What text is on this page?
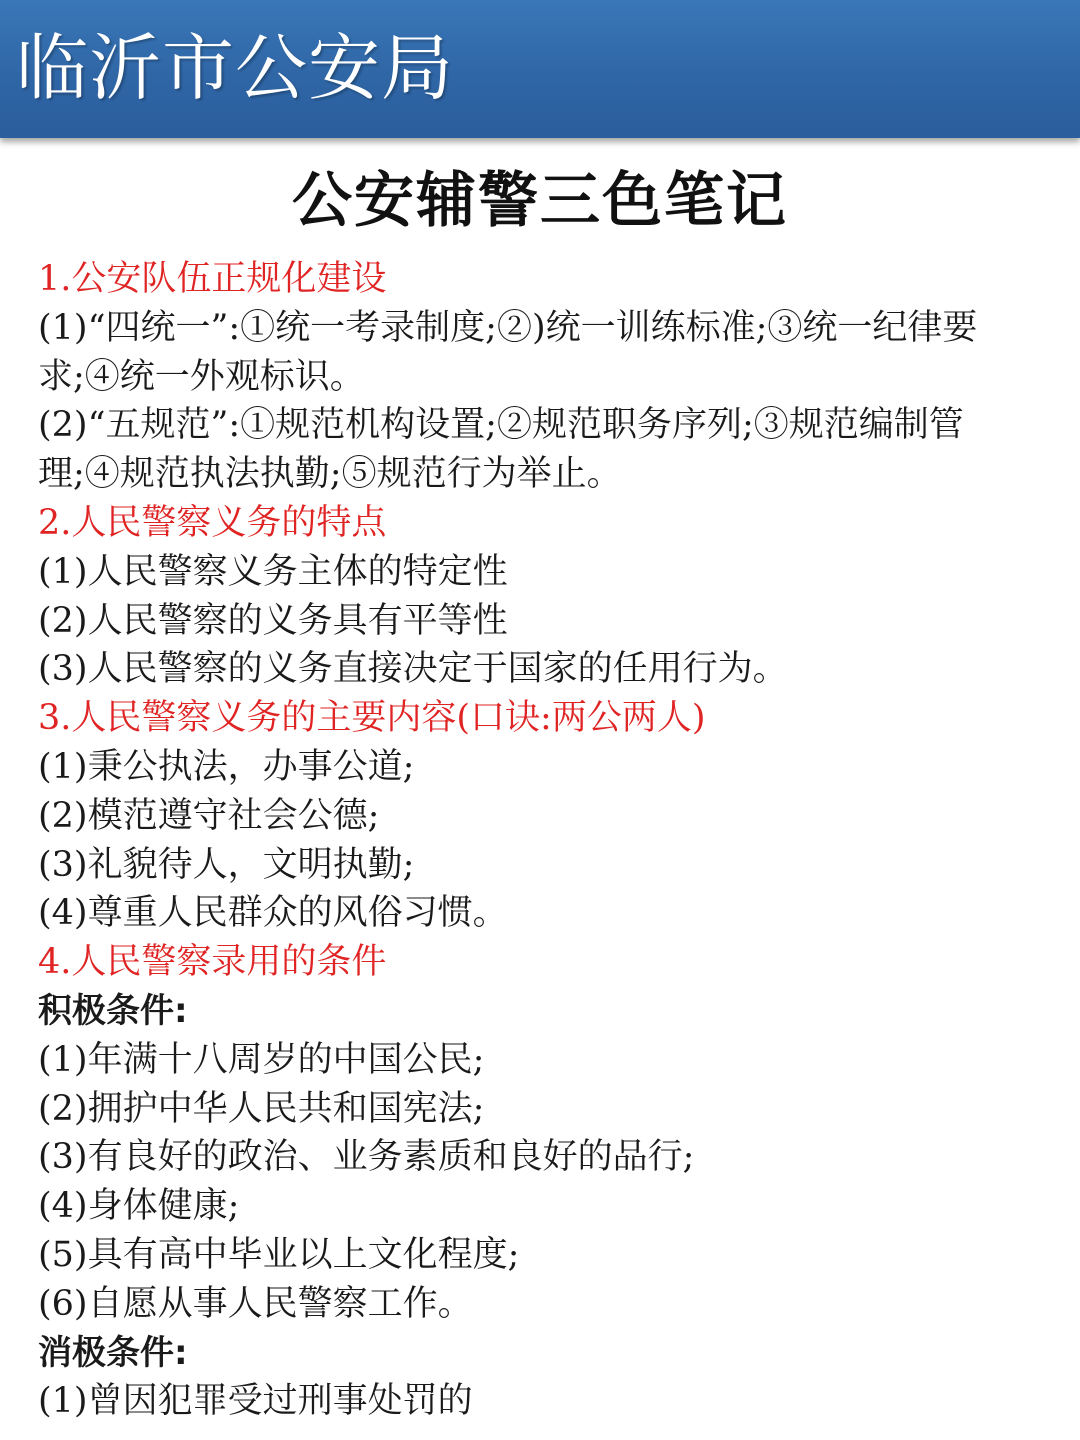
临沂市公安局
公安辅警三色笔记
1.公安队伍正规化建设
(1)“四统一”:①统一考录制度;②)统一训练标准;③统一纪律要
求;④统一外观标识。
(2)“五规范”:①规范机构设置;②规范职务序列;③规范编制管
理;④规范执法执勤;⑤规范行为举止。
2.人民警察义务的特点
(1)人民警察义务主体的特定性
(2)人民警察的义务具有平等性
(3)人民警察的义务直接决定于国家的任用行为。
3.人民警察义务的主要内容(口诀:两公两人)
(1)秉公执法，办事公道;
(2)模范遵守社会公德;
(3)礼貌待人，文明执勤;
(4)尊重人民群众的风俗习惯。
4.人民警察录用的条件
积极条件:
(1)年满十八周岁的中国公民;
(2)拥护中华人民共和国宪法;
(3)有良好的政治、业务素质和良好的品行;
(4)身体健康;
(5)具有高中毕业以上文化程度;
(6)自愿从事人民警察工作。
消极条件:
(1)曾因犯罪受过刑事处罚的
